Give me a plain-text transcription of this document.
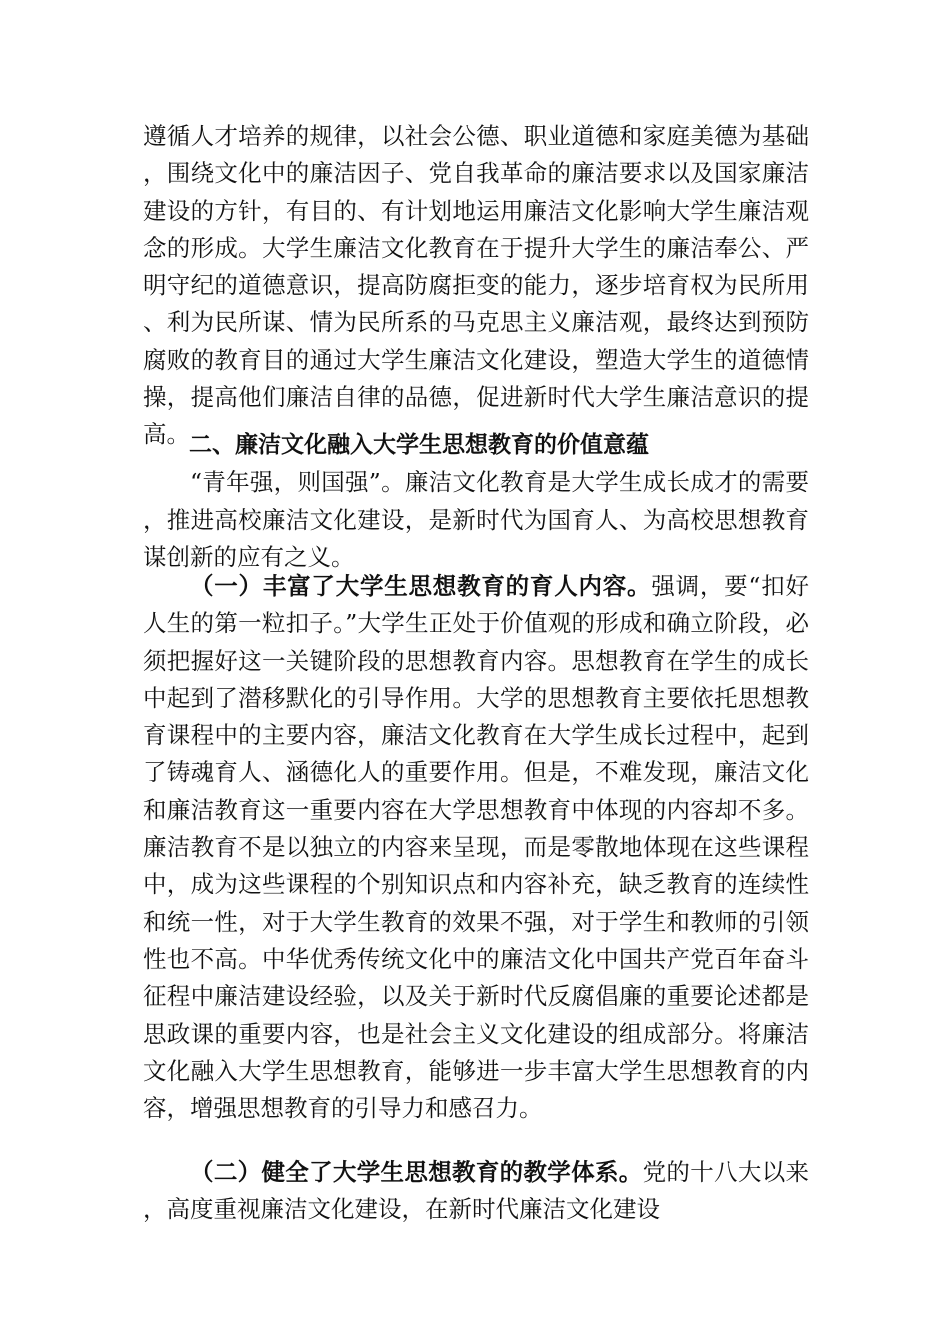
遵循人才培养的规律，以社会公德、职业道德和家庭美德为基础，围绕文化中的廉洁因子、党自我革命的廉洁要求以及国家廉洁建设的方针，有目的、有计划地运用廉洁文化影响大学生廉洁观念的形成。大学生廉洁文化教育在于提升大学生的廉洁奉公、严明守纪的道德意识，提高防腐拒变的能力，逐步培育权为民所用、利为民所谋、情为民所系的马克思主义廉洁观，最终达到预防腐败的教育目的通过大学生廉洁文化建设，塑造大学生的道德情操，提高他们廉洁自律的品德，促进新时代大学生廉洁意识的提高。 二、廉洁文化融入大学生思想教育的价值意蕴

“青年强，则国强”。廉洁文化教育是大学生成长成才的需要，推进高校廉洁文化建设，是新时代为国育人、为高校思想教育谋创新的应有之义。

（一）丰富了大学生思想教育的育人内容。强调，要“扣好人生的第一粒扣子。”大学生正处于价值观的形成和确立阶段，必须把握好这一关键阶段的思想教育内容。思想教育在学生的成长中起到了潜移默化的引导作用。大学的思想教育主要依托思想教育课程中的主要内容，廉洁文化教育在大学生成长过程中，起到了铸魂育人、涵德化人的重要作用。但是，不难发现，廉洁文化和廉洁教育这一重要内容在大学思想教育中体现的内容却不多。廉洁教育不是以独立的内容来呈现，而是零散地体现在这些课程中，成为这些课程的个别知识点和内容补充，缺乏教育的连续性和统一性，对于大学生教育的效果不强，对于学生和教师的引领性也不高。中华优秀传统文化中的廉洁文化中国共产党百年奋斗征程中廉洁建设经验，以及关于新时代反腐倡廉的重要论述都是思政课的重要内容，也是社会主义文化建设的组成部分。将廉洁文化融入大学生思想教育，能够进一步丰富大学生思想教育的内容，增强思想教育的引导力和感召力。

（二）健全了大学生思想教育的教学体系。党的十八大以来，高度重视廉洁文化建设，在新时代廉洁文化建设
